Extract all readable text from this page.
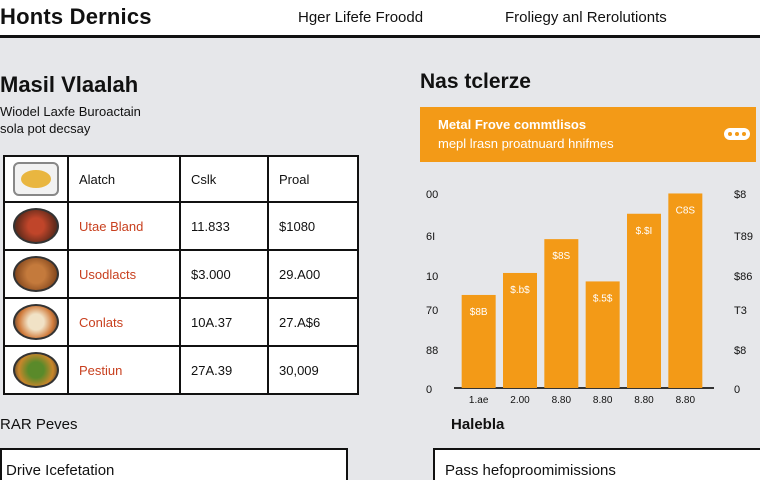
Honts Dernics	Hger Lifefe Froodd	Froliegy anl Rerolutionts
Masil Vlaalah
Wiodel Laxfe Buroactain
sola pot decsay
	Alatch	Cslk	Proal

	Utae Bland	11.833	$1080

	Usodlacts	$3.000	29.A00

	Conlats	10A.37	27.A$6

	Pestiun	27A.39	30,009
RAR Peves
Drive Icefetation
Nas tclerze
Metal Frove commtlisos
mepl lrasn proatnuard hnifmes
00
6I
10
70
88
0
$8
T89
$86
T3
$8
0
$8B
1.ae
$.b$
2.00
$8S
8.80
$.5$
8.80
$.$I
8.80
C8S
8.80
Halebla
Pass hefoproomimissions
